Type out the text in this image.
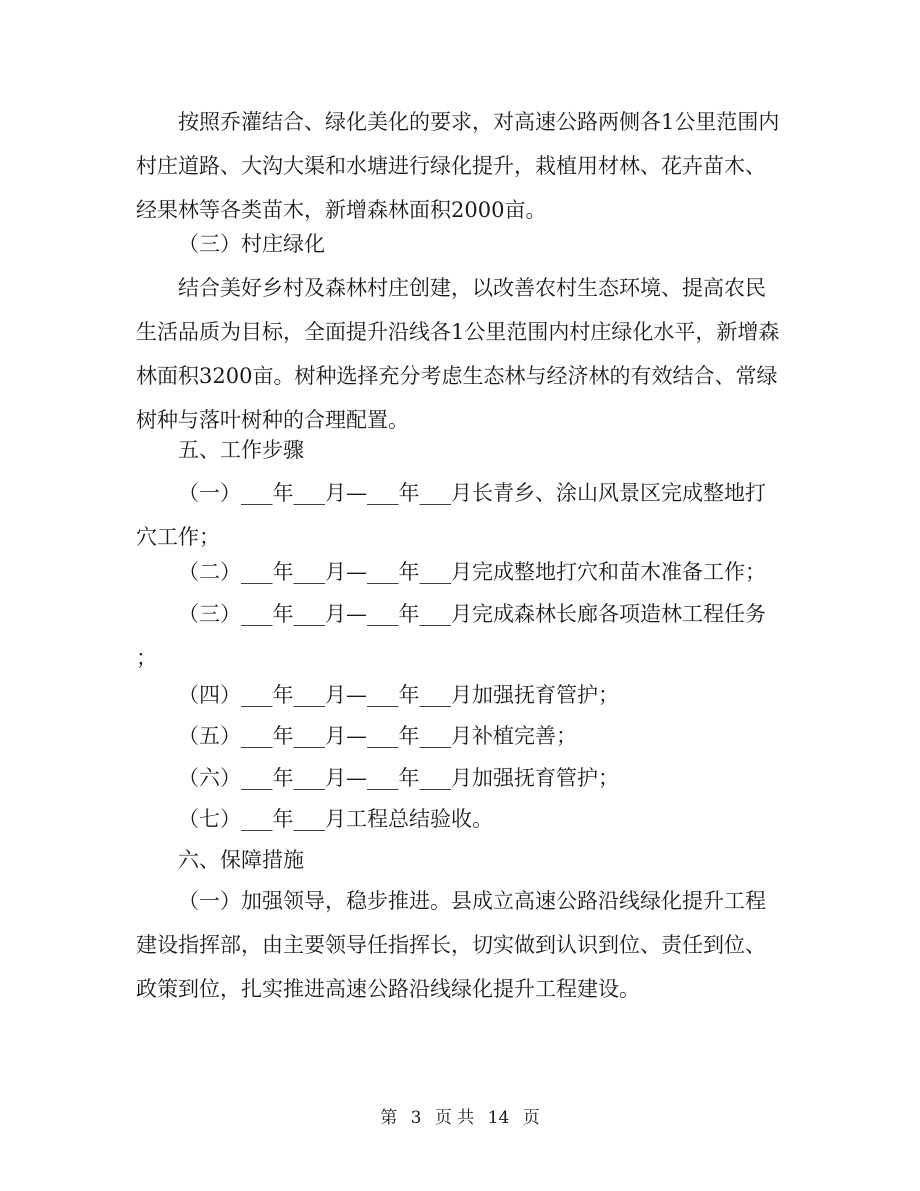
按照乔灌结合、绿化美化的要求，对高速公路两侧各1公里范围内
村庄道路、大沟大渠和水塘进行绿化提升，栽植用材林、花卉苗木、
经果林等各类苗木，新增森林面积2000亩。

（三）村庄绿化

结合美好乡村及森林村庄创建，以改善农村生态环境、提高农民
生活品质为目标，全面提升沿线各1公里范围内村庄绿化水平，新增森
林面积3200亩。树种选择充分考虑生态林与经济林的有效结合、常绿
树种与落叶树种的合理配置。

五、工作步骤

（一）___年___月—___年___月长青乡、涂山风景区完成整地打
穴工作；

（二）___年___月—___年___月完成整地打穴和苗木准备工作；

（三）___年___月—___年___月完成森林长廊各项造林工程任务
；

（四）___年___月—___年___月加强抚育管护；

（五）___年___月—___年___月补植完善；

（六）___年___月—___年___月加强抚育管护；

（七）___年___月工程总结验收。

六、保障措施

（一）加强领导，稳步推进。县成立高速公路沿线绿化提升工程
建设指挥部，由主要领导任指挥长，切实做到认识到位、责任到位、
政策到位，扎实推进高速公路沿线绿化提升工程建设。

第 3 页 共 14 页
